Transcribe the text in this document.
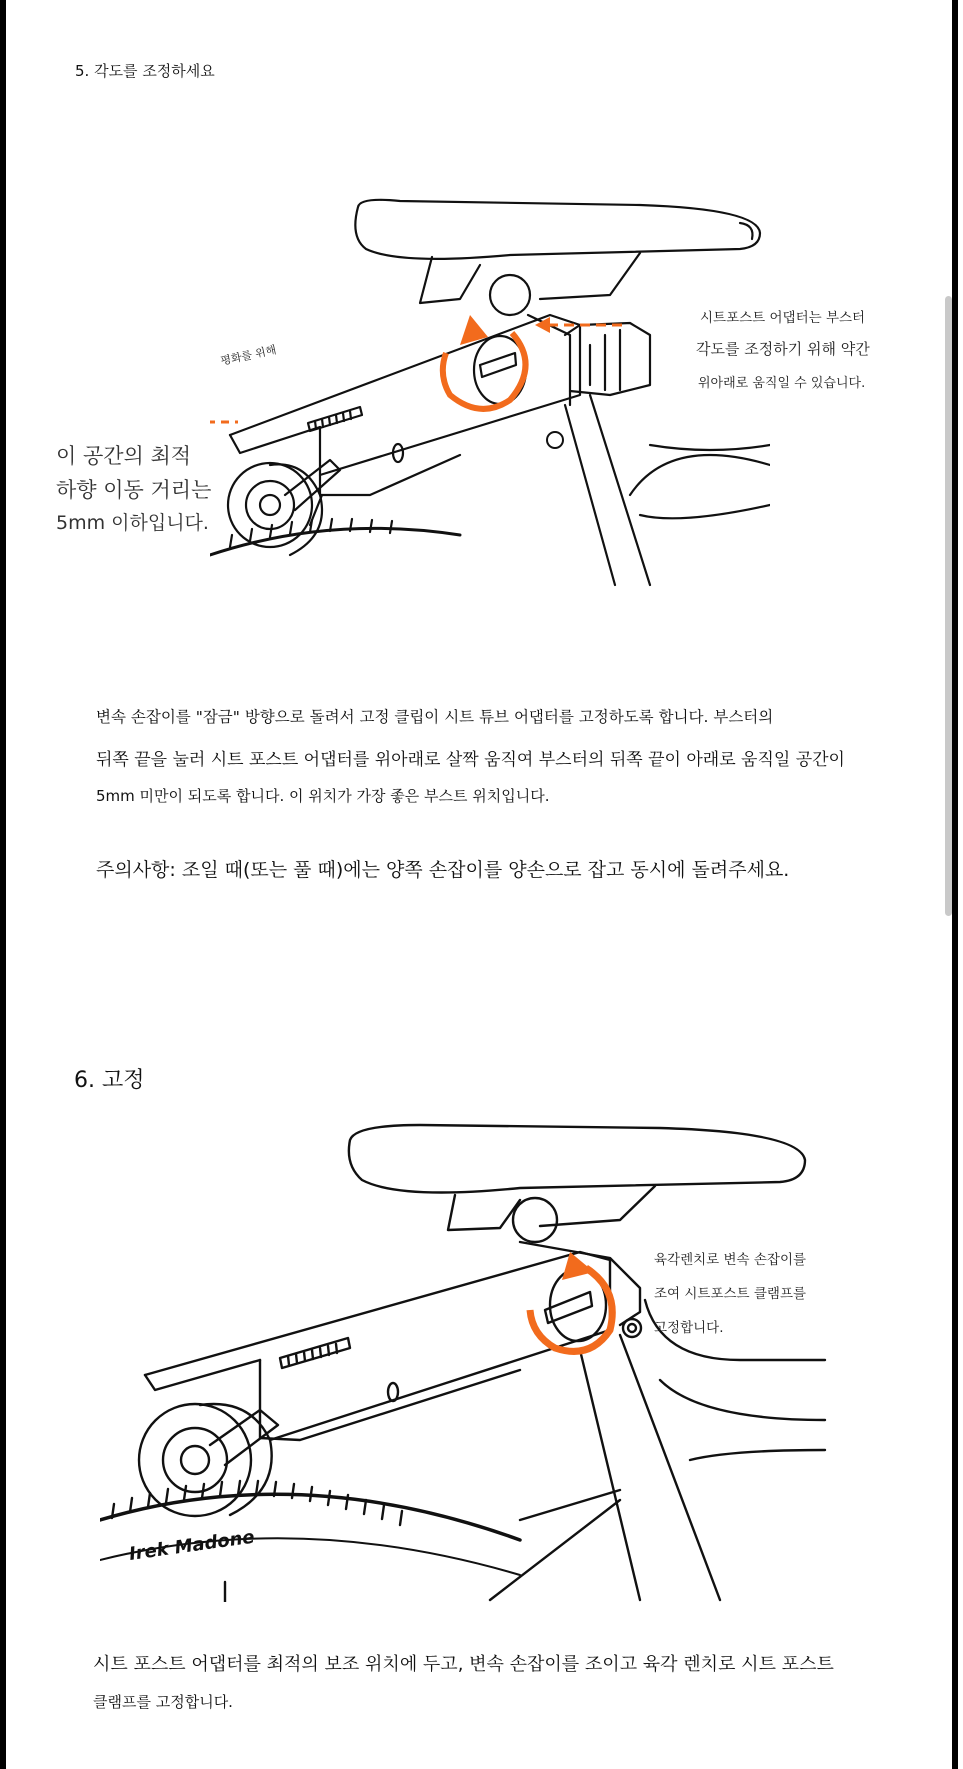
5. 각도를 조정하세요
평화를 위해
시트포스트 어댑터는 부스터
각도를 조정하기 위해 약간
위아래로 움직일 수 있습니다.
이 공간의 최적
하향 이동 거리는
5mm 이하입니다.
변속 손잡이를 "잠금" 방향으로 돌려서 고정 클립이 시트 튜브 어댑터를 고정하도록 합니다. 부스터의
뒤쪽 끝을 눌러 시트 포스트 어댑터를 위아래로 살짝 움직여 부스터의 뒤쪽 끝이 아래로 움직일 공간이
5mm 미만이 되도록 합니다. 이 위치가 가장 좋은 부스트 위치입니다.
주의사항: 조일 때(또는 풀 때)에는 양쪽 손잡이를 양손으로 잡고 동시에 돌려주세요.
6. 고정
Irek Madone
육각렌치로 변속 손잡이를
조여 시트포스트 클램프를
고정합니다.
시트 포스트 어댑터를 최적의 보조 위치에 두고, 변속 손잡이를 조이고 육각 렌치로 시트 포스트
클램프를 고정합니다.
